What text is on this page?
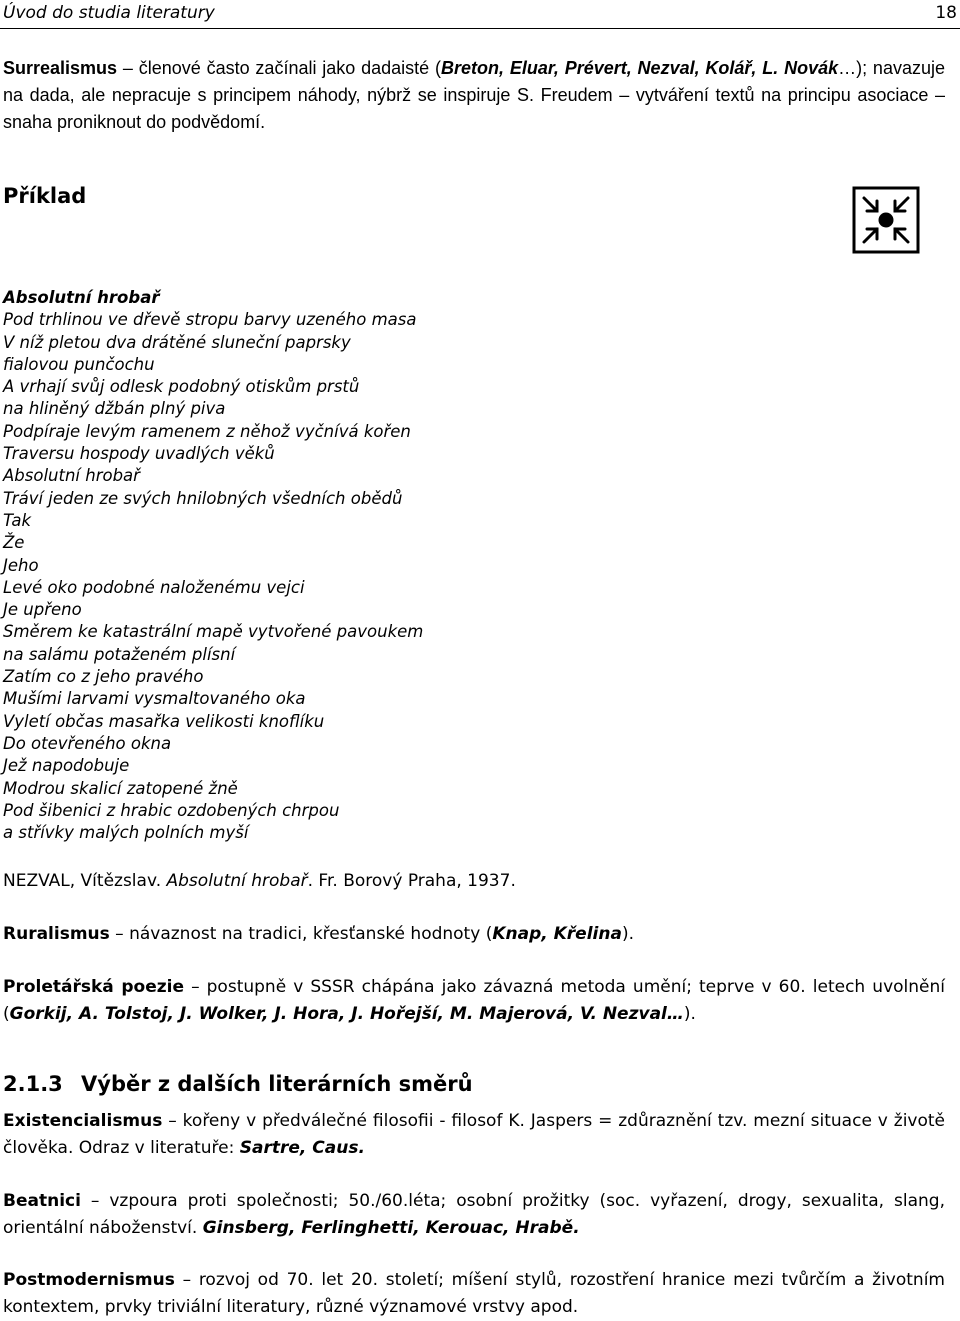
Úvod do studia literatury	18
Surrealismus – členové často začínali jako dadaisté (Breton, Eluar, Prévert, Nezval, Kolář, L. Novák…); navazuje na dada, ale nepracuje s principem náhody, nýbrž se inspiruje S. Freudem – vytváření textů na principu asociace – snaha proniknout do podvědomí.
Příklad
Absolutní hrobař
Pod trhlinou ve dřevě stropu barvy uzeného masa
V níž pletou dva drátěné sluneční paprsky
fialovou punčochu
A vrhají svůj odlesk podobný otiskům prstů
na hliněný džbán plný piva
Podpíraje levým ramenem z něhož vyčnívá kořen
Traversu hospody uvadlých věků
Absolutní hrobař
Tráví jeden ze svých hnilobných všedních obědů
Tak
Že
Jeho
Levé oko podobné naloženému vejci
Je upřeno
Směrem ke katastrální mapě vytvořené pavoukem
na salámu potaženém plísní
Zatím co z jeho pravého
Mušími larvami vysmaltovaného oka
Vyletí občas masařka velikosti knoflíku
Do otevřeného okna
Jež napodobuje
Modrou skalicí zatopené žně
Pod šibenici z hrabic ozdobených chrpou
a střívky malých polních myší
NEZVAL, Vítězslav. Absolutní hrobař. Fr. Borový Praha, 1937.
Ruralismus – návaznost na tradici, křesťanské hodnoty (Knap, Křelina).
Proletářská poezie – postupně v SSSR chápána jako závazná metoda umění; teprve v 60. letech uvolnění (Gorkij, A. Tolstoj, J. Wolker, J. Hora, J. Hořejší, M. Majerová, V. Nezval…).
2.1.3 Výběr z dalších literárních směrů
Existencialismus – kořeny v předválečné filosofii - filosof K. Jaspers = zdůraznění tzv. mezní situace v životě člověka. Odraz v literatuře: Sartre, Caus.
Beatnici – vzpoura proti společnosti; 50./60.léta; osobní prožitky (soc. vyřazení, drogy, sexualita, slang, orientální náboženství. Ginsberg, Ferlinghetti, Kerouac, Hrabě.
Postmodernismus – rozvoj od 70. let 20. století; míšení stylů, rozostření hranice mezi tvůrčím a životním kontextem, prvky triviální literatury, různé významové vrstvy apod.
